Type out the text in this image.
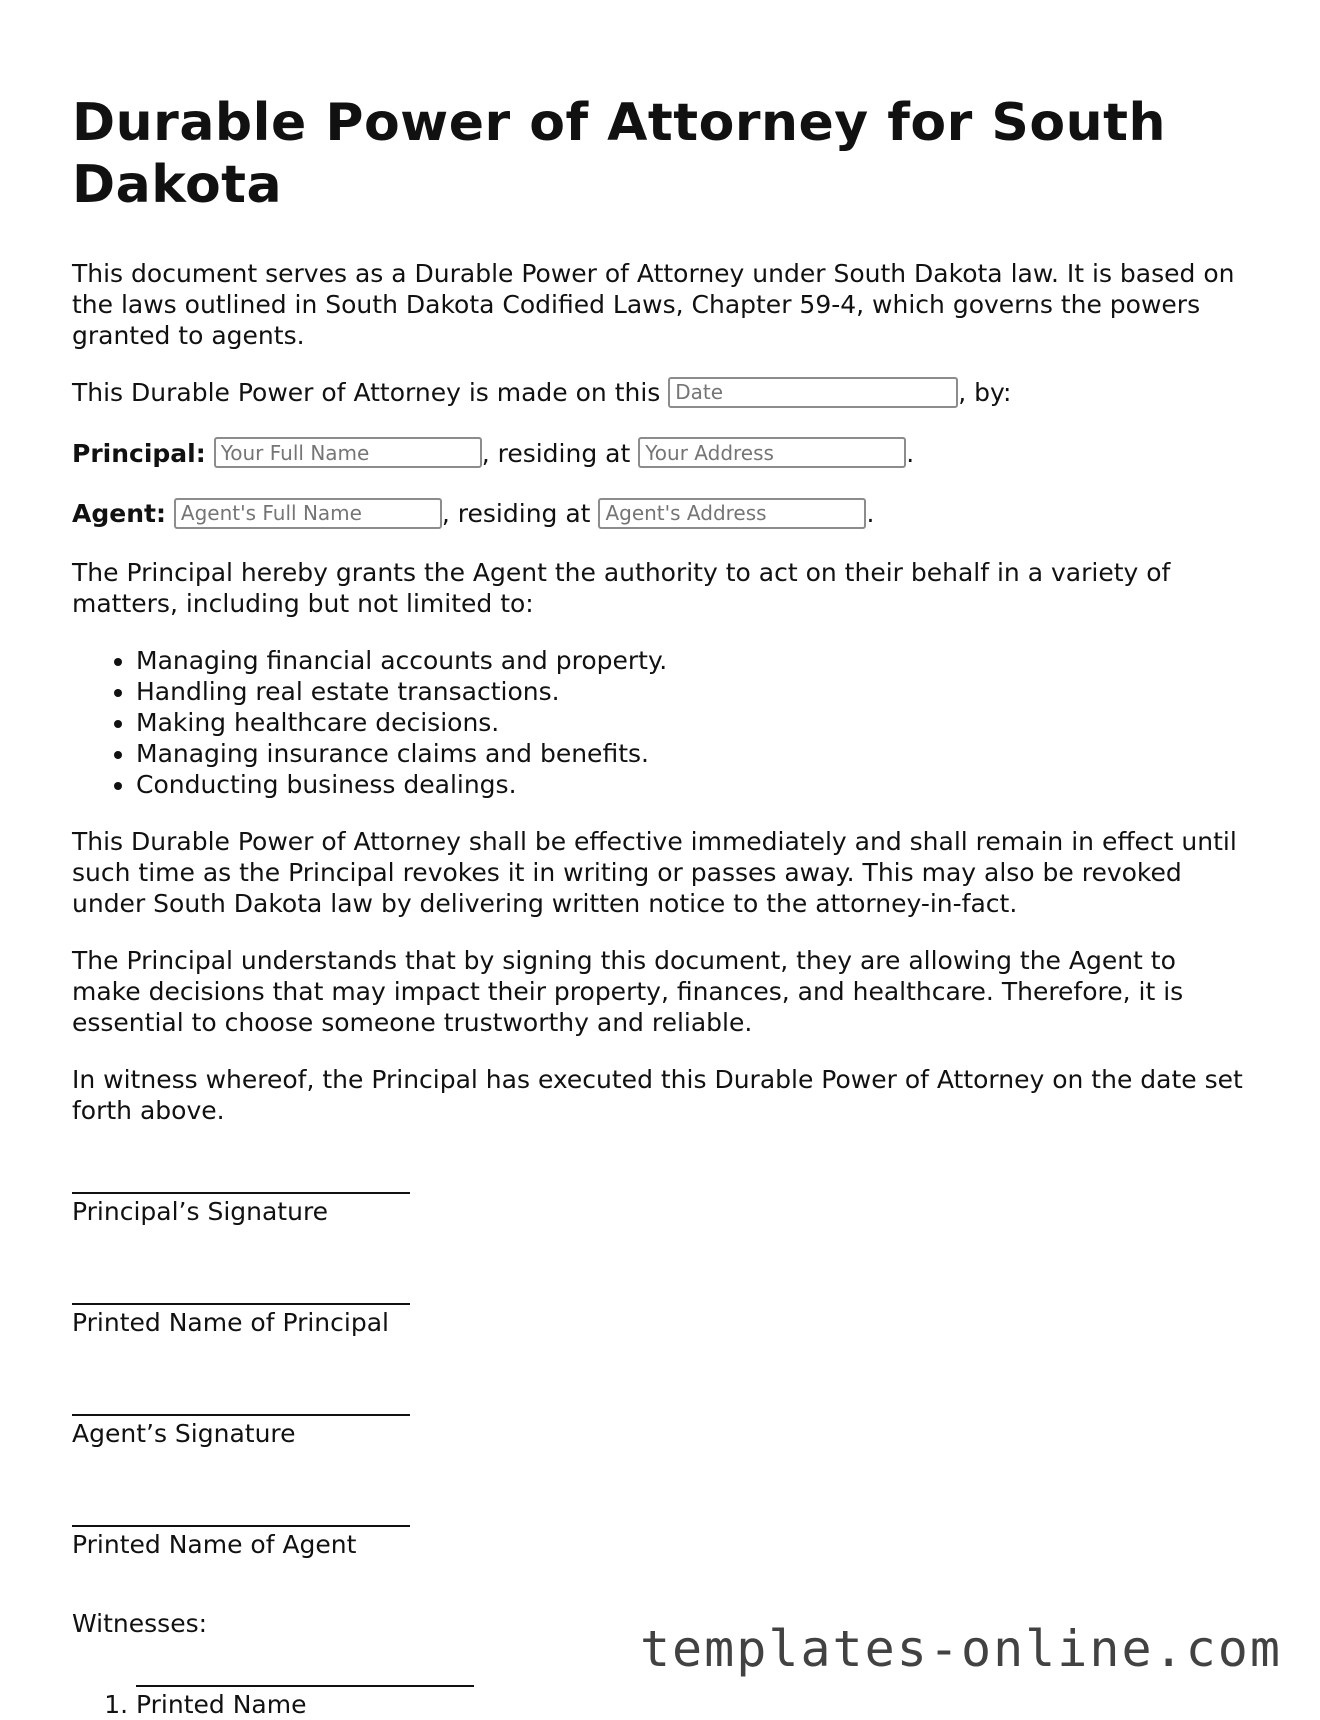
Durable Power of Attorney for South Dakota

This document serves as a Durable Power of Attorney under South Dakota law. It is based on the laws outlined in South Dakota Codified Laws, Chapter 59-4, which governs the powers granted to agents.

This Durable Power of Attorney is made on this Date	, by:
Principal: Your Full Name	, residing at Your Address	.
Agent: Agent's Full Name	, residing at Agent's Address	.

The Principal hereby grants the Agent the authority to act on their behalf in a variety of matters, including but not limited to:

• Managing financial accounts and property.
• Handling real estate transactions.
• Making healthcare decisions.
• Managing insurance claims and benefits.
• Conducting business dealings.

This Durable Power of Attorney shall be effective immediately and shall remain in effect until such time as the Principal revokes it in writing or passes away. This may also be revoked under South Dakota law by delivering written notice to the attorney-in-fact.

The Principal understands that by signing this document, they are allowing the Agent to make decisions that may impact their property, finances, and healthcare. Therefore, it is essential to choose someone trustworthy and reliable.

In witness whereof, the Principal has executed this Durable Power of Attorney on the date set forth above.

Principal’s Signature
Printed Name of Principal
Agent’s Signature
Printed Name of Agent
Witnesses:
1. Printed Name
templates-online.com
